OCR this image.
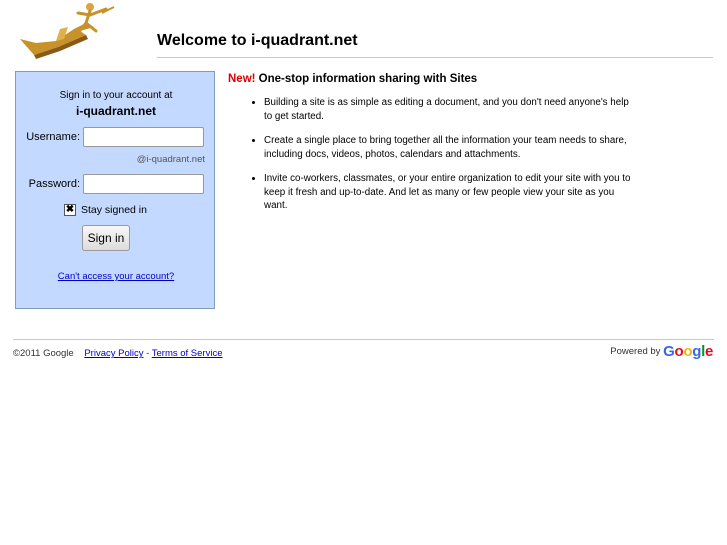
Welcome to i-quadrant.net
Sign in to your account at
i-quadrant.net
Username:
@i-quadrant.net
Password:
✖ Stay signed in
Sign in
Can't access your account?

New! One-stop information sharing with Sites

• Building a site is as simple as editing a document, and you don't need anyone's help to get started.
• Create a single place to bring together all the information your team needs to share, including docs, videos, photos, calendars and attachments.
• Invite co-workers, classmates, or your entire organization to edit your site with you to keep it fresh and up-to-date. And let as many or few people view your site as you want.
©2011 Google Privacy Policy - Terms of Service	Powered by Google
